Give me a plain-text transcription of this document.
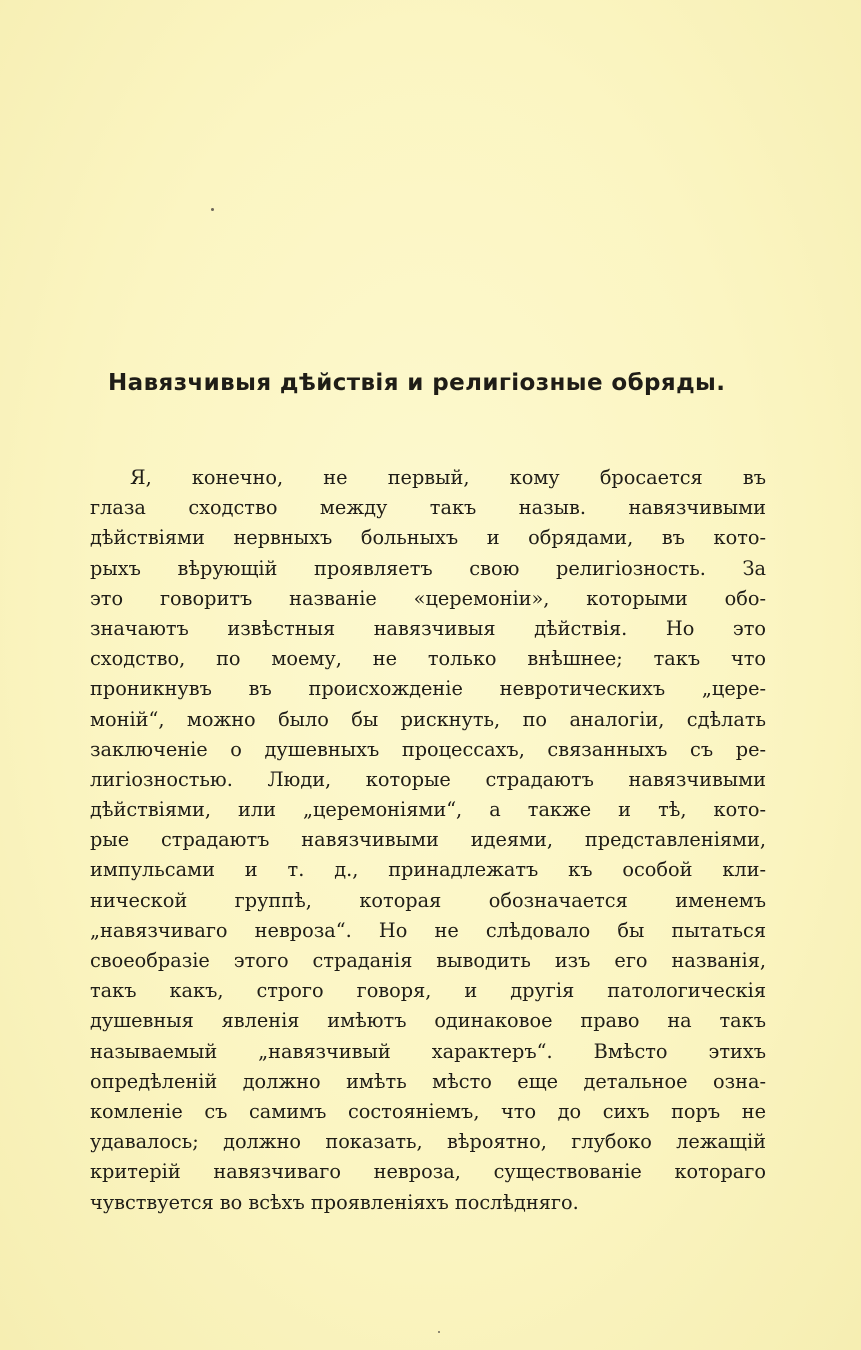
Навязчивыя дѣйствія и религіозные обряды.
Я, конечно, не первый, кому бросается въ
глаза сходство между такъ назыв. навязчивыми
дѣйствіями нервныхъ больныхъ и обрядами, въ кото-
рыхъ вѣрующій проявляетъ свою религіозность. За
это говоритъ названіе «церемоніи», которыми обо-
значаютъ извѣстныя навязчивыя дѣйствія. Но это
сходство, по моему, не только внѣшнее; такъ что
проникнувъ въ происхожденіе невротическихъ „цере-
моній“, можно было бы рискнуть, по аналогіи, сдѣлать
заключеніе о душевныхъ процессахъ, связанныхъ съ ре-
лигіозностью. Люди, которые страдаютъ навязчивыми
дѣйствіями, или „церемоніями“, а также и тѣ, кото-
рые страдаютъ навязчивыми идеями, представленіями,
импульсами и т. д., принадлежатъ къ особой кли-
нической группѣ, которая обозначается именемъ
„навязчиваго невроза“. Но не слѣдовало бы пытаться
своеобразіе этого страданія выводить изъ его названія,
такъ какъ, строго говоря, и другія патологическія
душевныя явленія имѣютъ одинаковое право на такъ
называемый „навязчивый характеръ“. Вмѣсто этихъ
опредѣленій должно имѣть мѣсто еще детальное озна-
комленіе съ самимъ состояніемъ, что до сихъ поръ не
удавалось; должно показать, вѣроятно, глубоко лежащій
критерій навязчиваго невроза, существованіе котораго
чувствуется во всѣхъ проявленіяхъ послѣдняго.
